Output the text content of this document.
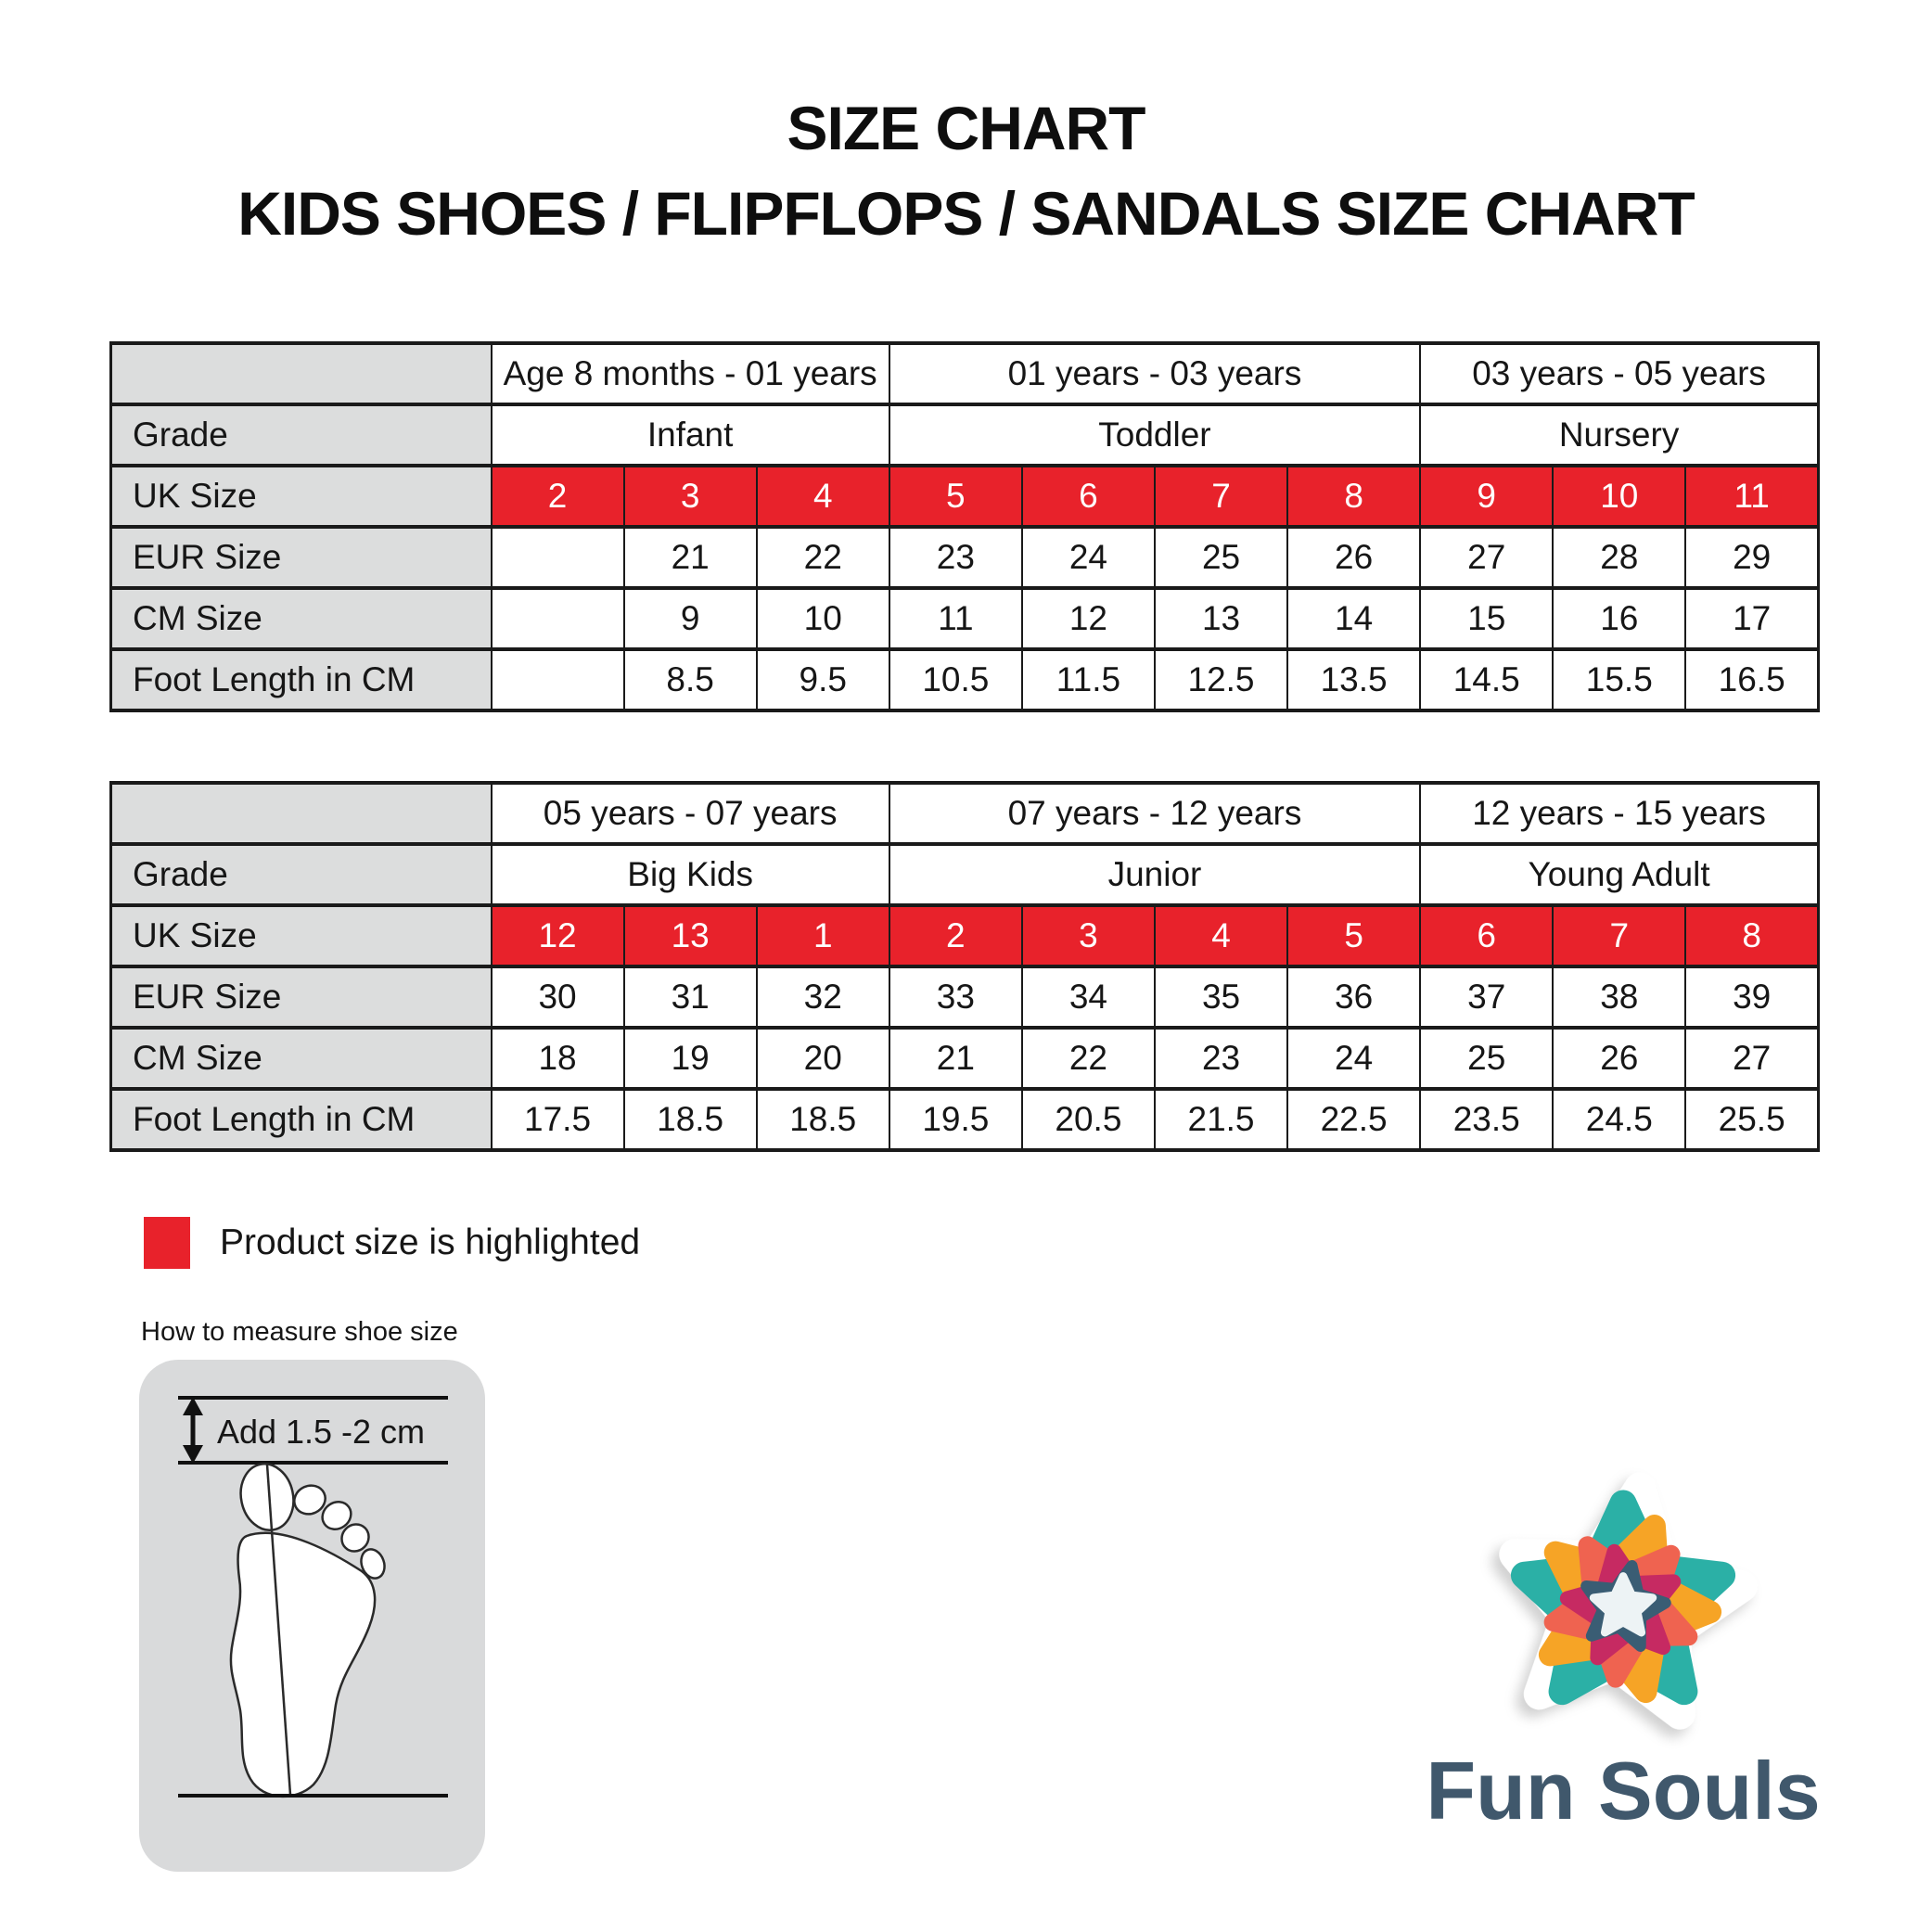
SIZE CHART
KIDS SHOES / FLIPFLOPS / SANDALS SIZE CHART
	Age 8 months - 01 years			01 years - 03 years				03 years - 05 years		
Grade	Infant			Toddler				Nursery		
UK Size	2	3	4	5	6	7	8	9	10	11
EUR Size		21	22	23	24	25	26	27	28	29
CM Size		9	10	11	12	13	14	15	16	17
Foot Length in CM		8.5	9.5	10.5	11.5	12.5	13.5	14.5	15.5	16.5
	05 years - 07 years			07 years - 12 years				12 years - 15 years		
Grade	Big Kids			Junior				Young Adult		
UK Size	12	13	1	2	3	4	5	6	7	8
EUR Size	30	31	32	33	34	35	36	37	38	39
CM Size	18	19	20	21	22	23	24	25	26	27
Foot Length in CM	17.5	18.5	18.5	19.5	20.5	21.5	22.5	23.5	24.5	25.5
Product size is highlighted
How to measure shoe size
Add 1.5 -2 cm
Fun Souls
